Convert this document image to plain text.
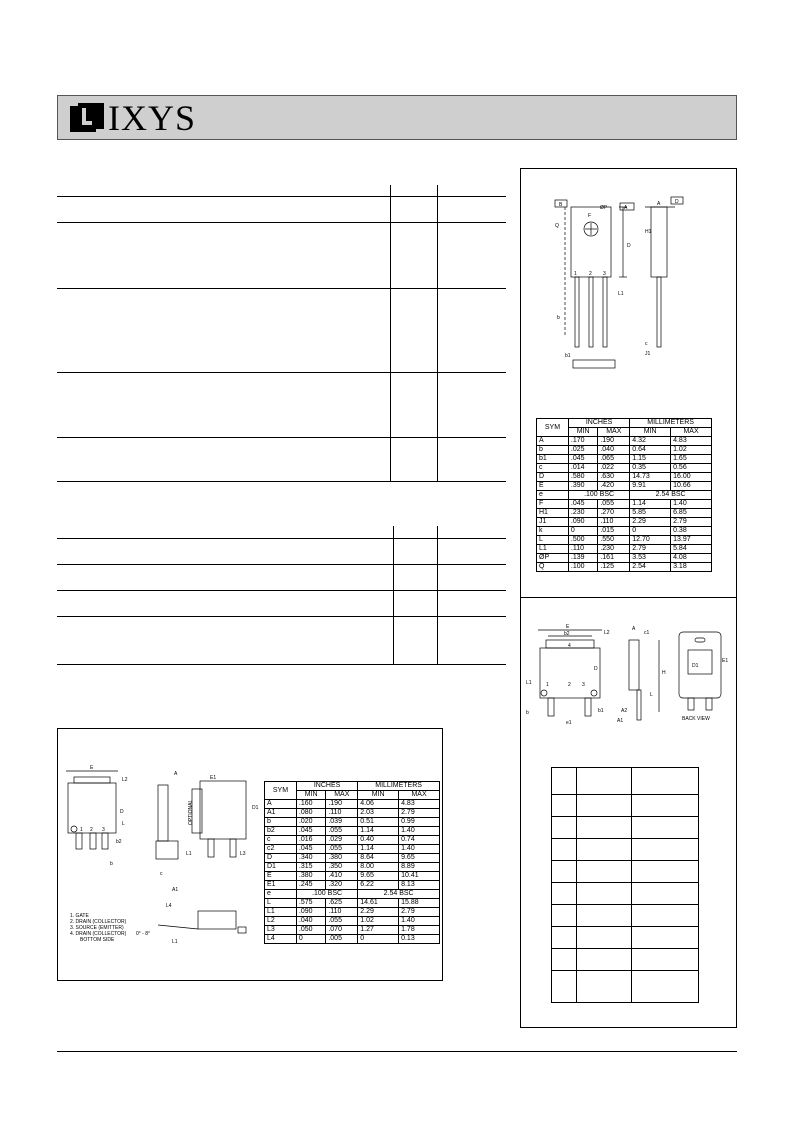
IXYS
B	ØP	A
A	D
D
Q
F
1 2 3
H1
L1
b
b1
c
J1
SYM	INCHES		MILLIMETERS	
	MIN	MAX	MIN	MAX
A	.170	.190	4.32	4.83
b	.025	.040	0.64	1.02
b1	.045	.065	1.15	1.65
c	.014	.022	0.35	0.56
D	.580	.630	14.73	16.00
E	.390	.420	9.91	10.66
e	.100 BSC		2.54 BSC	
F	.045	.055	1.14	1.40
H1	.230	.270	5.85	6.85
J1	.090	.110	2.29	2.79
k	0	.015	0	0.38
L	.500	.550	12.70	13.97
L1	.110	.230	2.79	5.84
ØP	.139	.161	3.53	4.08
Q	.100	.125	2.54	3.18
E
b2	L2
4
D
1	2 3
L1
b	b1
e1
A
c1
H
A2
A1
L
D1
E1
BACK VIEW

E
L2
L
D
2 3
1
b2
b
A
E1
D1
L1
c
L3
A1
L4
L1
0° - 8°
1. GATE
2. DRAIN (COLLECTOR)
3. SOURCE (EMITTER)
4. DRAIN (COLLECTOR)
BOTTOM SIDE
OPTIONAL
SYM	INCHES		MILLIMETERS	
	MIN	MAX	MIN	MAX
A	.160	.190	4.06	4.83
A1	.080	.110	2.03	2.79
b	.020	.039	0.51	0.99
b2	.045	.055	1.14	1.40
c	.016	.029	0.40	0.74
c2	.045	.055	1.14	1.40
D	.340	.380	8.64	9.65
D1	.315	.350	8.00	8.89
E	.380	.410	9.65	10.41
E1	.245	.320	6.22	8.13
e	.100 BSC		2.54 BSC	
L	.575	.625	14.61	15.88
L1	.090	.110	2.29	2.79
L2	.040	.055	1.02	1.40
L3	.050	.070	1.27	1.78
L4	0	.005	0	0.13
